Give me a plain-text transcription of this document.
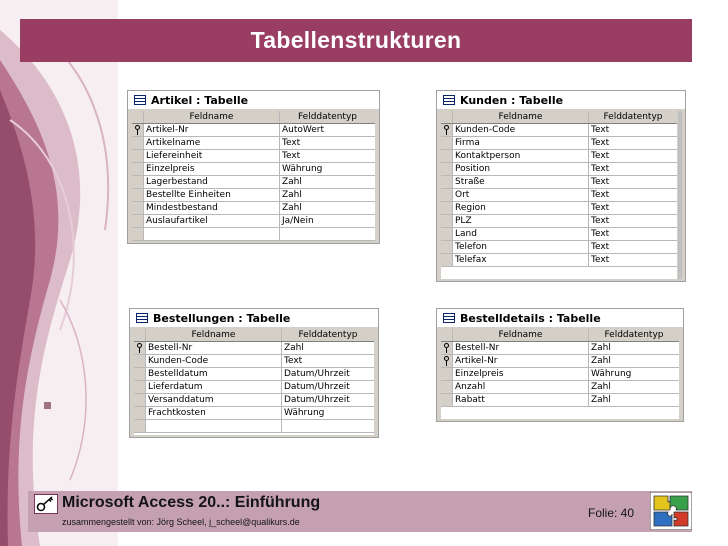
Tabellenstrukturen
Artikel : Tabelle
Feldname	Felddatentyp
Artikel-Nr	AutoWert
Artikelname	Text
Liefereinheit	Text
Einzelpreis	Währung
Lagerbestand	Zahl
Bestellte Einheiten	Zahl
Mindestbestand	Zahl
Auslaufartikel	Ja/Nein
Kunden : Tabelle
Feldname	Felddatentyp
Kunden-Code	Text
Firma	Text
Kontaktperson	Text
Position	Text
Straße	Text
Ort	Text
Region	Text
PLZ	Text
Land	Text
Telefon	Text
Telefax	Text
Bestellungen : Tabelle
Feldname	Felddatentyp
Bestell-Nr	Zahl
Kunden-Code	Text
Bestelldatum	Datum/Uhrzeit
Lieferdatum	Datum/Uhrzeit
Versanddatum	Datum/Uhrzeit
Frachtkosten	Währung
Bestelldetails : Tabelle
Feldname	Felddatentyp
Bestell-Nr	Zahl
Artikel-Nr	Zahl
Einzelpreis	Währung
Anzahl	Zahl
Rabatt	Zahl
Microsoft Access 20..: Einführung
zusammengestellt von: Jörg Scheel, j_scheel@qualikurs.de
Folie: 40
